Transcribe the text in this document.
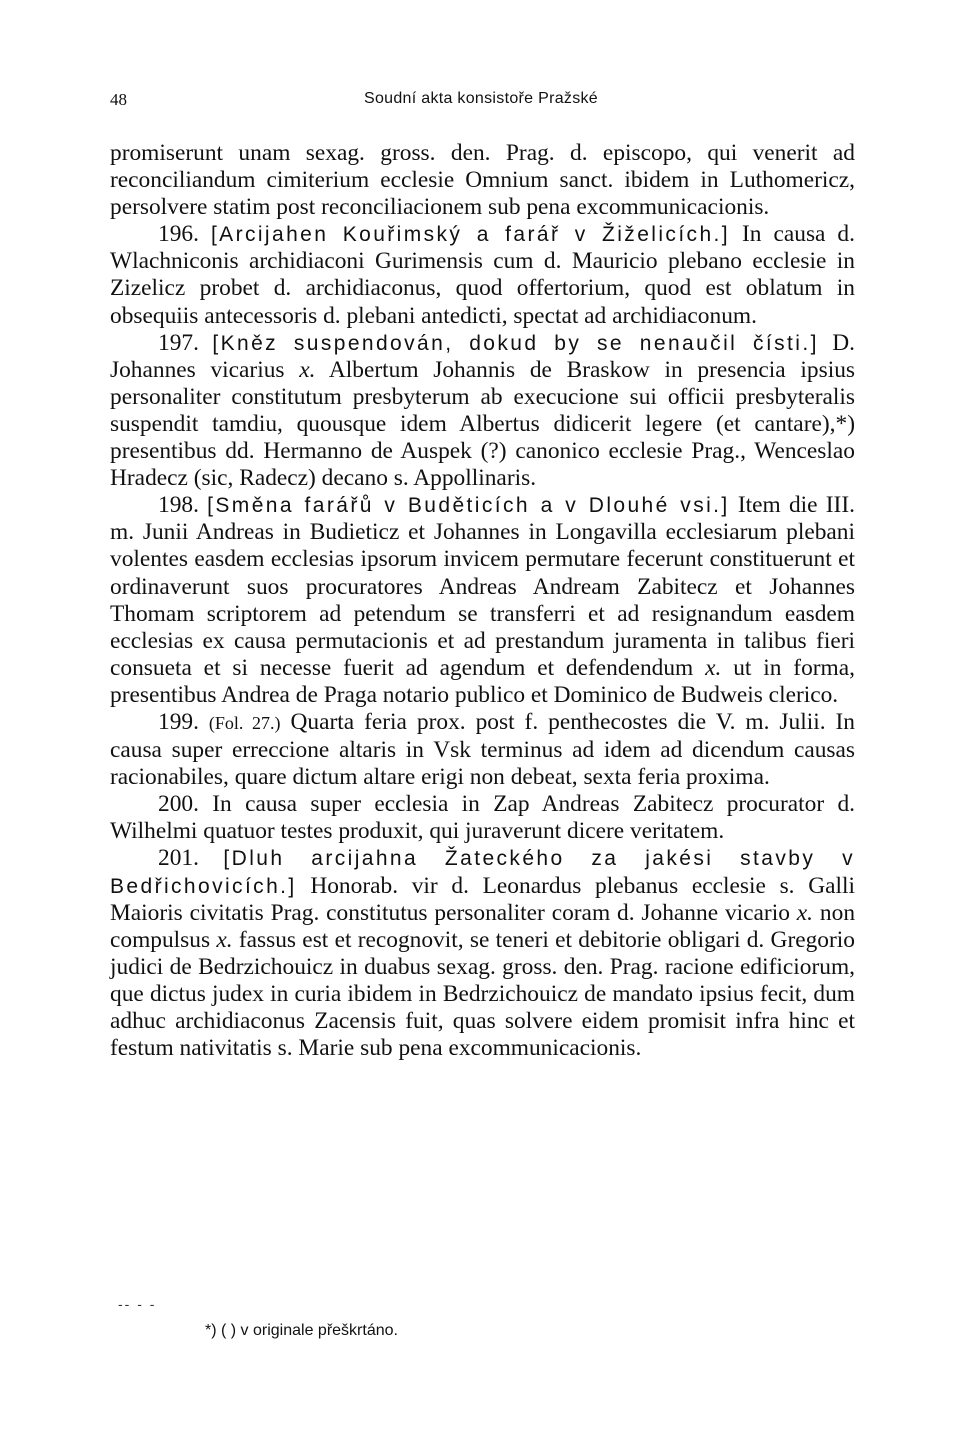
48	Soudní akta konsistoře Pražské

promiserunt unam sexag. gross. den. Prag. d. episcopo, qui venerit ad reconciliandum cimiterium ecclesie Omnium sanct. ibidem in Luthomericz, persolvere statim post reconciliacionem sub pena excommunicacionis.

196. [Arcijahen Kouřimský a farář v Žiželicích.] In causa d. Wlachniconis archidiaconi Gurimensis cum d. Mauricio plebano ecclesie in Zizelicz probet d. archidiaconus, quod offertorium, quod est oblatum in obsequiis antecessoris d. plebani antedicti, spectat ad archidiaconum.

197. [Kněz suspendován, dokud by se nenaučil čísti.] D. Johannes vicarius x. Albertum Johannis de Braskow in presencia ipsius personaliter constitutum presbyterum ab execucione sui officii presbyteralis suspendit tamdiu, quousque idem Albertus didicerit legere (et cantare),*) presentibus dd. Hermanno de Auspek (?) canonico ecclesie Prag., Wenceslao Hradecz (sic, Radecz) decano s. Appollinaris.

198. [Směna farářů v Buděticích a v Dlouhé vsi.] Item die III. m. Junii Andreas in Budieticz et Johannes in Longavilla ecclesiarum plebani volentes easdem ecclesias ipsorum invicem permutare fecerunt constituerunt et ordinaverunt suos procuratores Andreas Andream Zabitecz et Johannes Thomam scriptorem ad petendum se transferri et ad resignandum easdem ecclesias ex causa permutacionis et ad prestandum juramenta in talibus fieri consueta et si necesse fuerit ad agendum et defendendum x. ut in forma, presentibus Andrea de Praga notario publico et Dominico de Budweis clerico.

199. (Fol. 27.) Quarta feria prox. post f. penthecostes die V. m. Julii. In causa super erreccione altaris in Vsk terminus ad idem ad dicendum causas racionabiles, quare dictum altare erigi non debeat, sexta feria proxima.

200. In causa super ecclesia in Zap Andreas Zabitecz procurator d. Wilhelmi quatuor testes produxit, qui juraverunt dicere veritatem.

201. [Dluh arcijahna Žateckého za jakési stavby v Bedřichovicích.] Honorab. vir d. Leonardus plebanus ecclesie s. Galli Maioris civitatis Prag. constitutus personaliter coram d. Johanne vicario x. non compulsus x. fassus est et recognovit, se teneri et debitorie obligari d. Gregorio judici de Bedrzichouicz in duabus sexag. gross. den. Prag. racione edificiorum, que dictus judex in curia ibidem in Bedrzichouicz de mandato ipsius fecit, dum adhuc archidiaconus Zacensis fuit, quas solvere eidem promisit infra hinc et festum nativitatis s. Marie sub pena excommunicacionis.

-- - -
*) ( ) v originale přeškrtáno.
